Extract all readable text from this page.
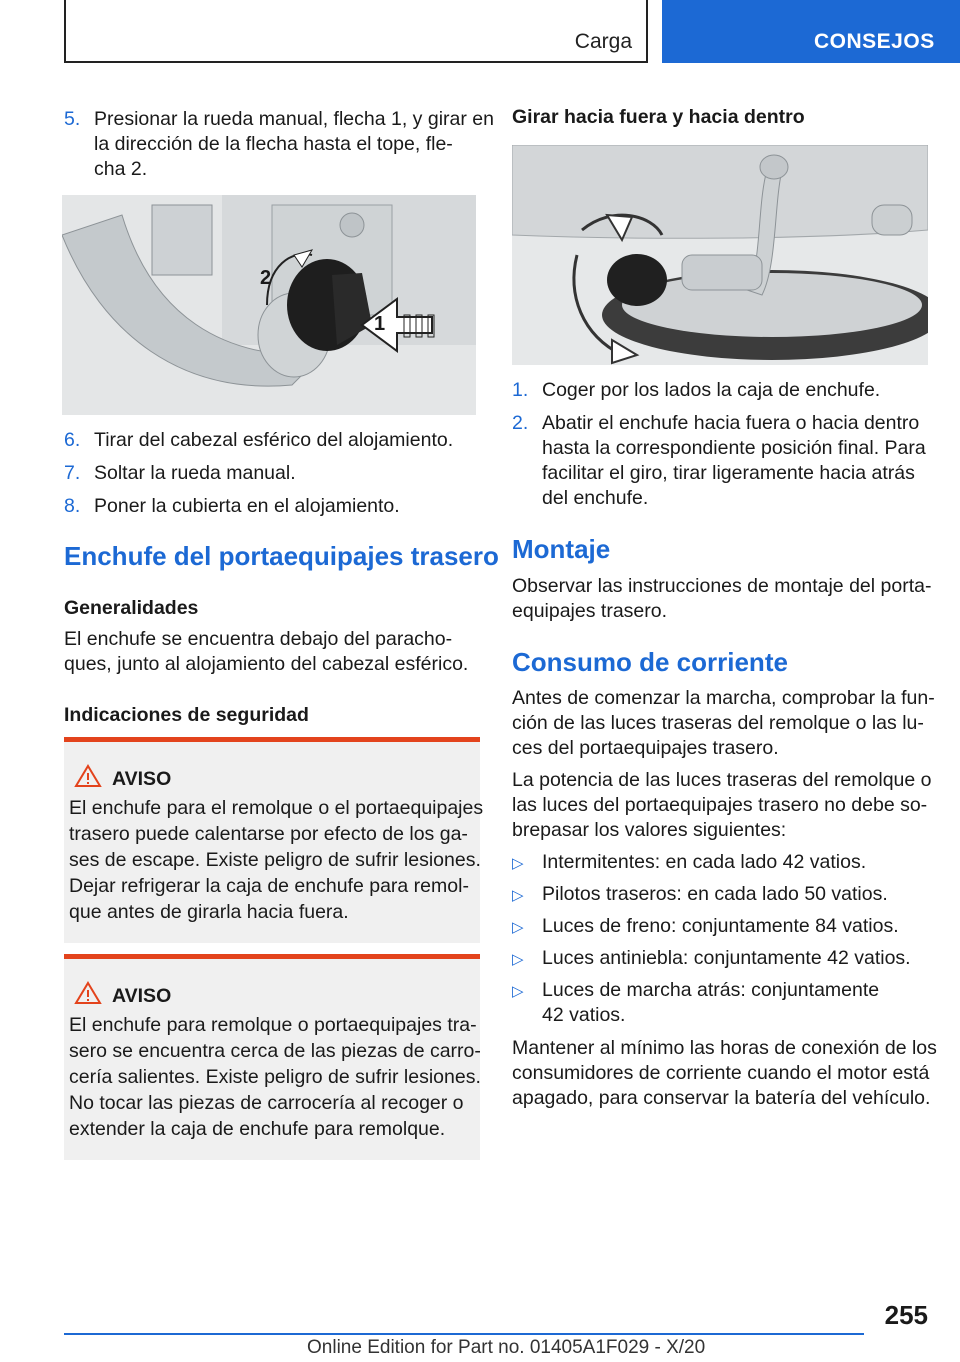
Carga	CONSEJOS
5. Presionar la rueda manual, flecha 1, y girar en
la dirección de la flecha hasta el tope, fle-
cha 2.
1
2
6. Tirar del cabezal esférico del alojamiento.
7. Soltar la rueda manual.
8. Poner la cubierta en el alojamiento.
Enchufe del portaequipajes trasero
Generalidades
El enchufe se encuentra debajo del paracho-
ques, junto al alojamiento del cabezal esférico.
Indicaciones de seguridad
AVISO
El enchufe para el remolque o el portaequipajes
trasero puede calentarse por efecto de los ga-
ses de escape. Existe peligro de sufrir lesiones.
Dejar refrigerar la caja de enchufe para remol-
que antes de girarla hacia fuera.
AVISO
El enchufe para remolque o portaequipajes tra-
sero se encuentra cerca de las piezas de carro-
cería salientes. Existe peligro de sufrir lesiones.
No tocar las piezas de carrocería al recoger o
extender la caja de enchufe para remolque.
Girar hacia fuera y hacia dentro
1. Coger por los lados la caja de enchufe.
2. Abatir el enchufe hacia fuera o hacia dentro
hasta la correspondiente posición final. Para
facilitar el giro, tirar ligeramente hacia atrás
del enchufe.
Montaje
Observar las instrucciones de montaje del porta-
equipajes trasero.
Consumo de corriente
Antes de comenzar la marcha, comprobar la fun-
ción de las luces traseras del remolque o las lu-
ces del portaequipajes trasero.
La potencia de las luces traseras del remolque o
las luces del portaequipajes trasero no debe so-
brepasar los valores siguientes:
▷ Intermitentes: en cada lado 42 vatios.
▷ Pilotos traseros: en cada lado 50 vatios.
▷ Luces de freno: conjuntamente 84 vatios.
▷ Luces antiniebla: conjuntamente 42 vatios.
▷ Luces de marcha atrás: conjuntamente
42 vatios.
Mantener al mínimo las horas de conexión de los
consumidores de corriente cuando el motor está
apagado, para conservar la batería del vehículo.
255
Online Edition for Part no. 01405A1F029 - X/20
